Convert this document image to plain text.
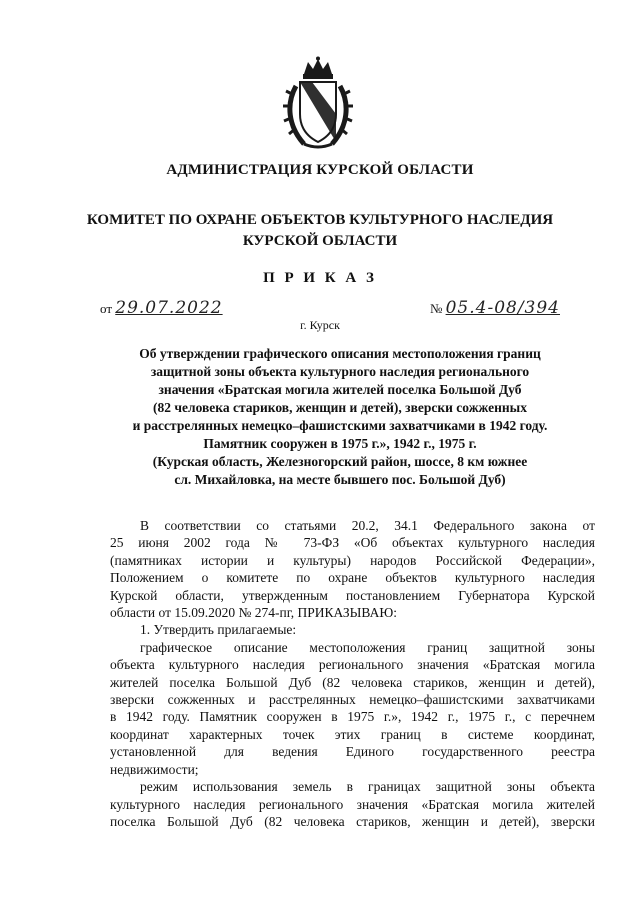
АДМИНИСТРАЦИЯ КУРСКОЙ ОБЛАСТИ
КОМИТЕТ ПО ОХРАНЕ ОБЪЕКТОВ КУЛЬТУРНОГО НАСЛЕДИЯ
КУРСКОЙ ОБЛАСТИ
П Р И К А З
от 29.07.2022	№ 05.4-08/394
г. Курск
Об утверждении графического описания местоположения границ
защитной зоны объекта культурного наследия регионального
значения «Братская могила жителей поселка Большой Дуб
(82 человека стариков, женщин и детей), зверски сожженных
и расстрелянных немецко–фашистскими захватчиками в 1942 году.
Памятник сооружен в 1975 г.», 1942 г., 1975 г.
(Курская область, Железногорский район, шоссе, 8 км южнее
сл. Михайловка, на месте бывшего пос. Большой Дуб)

В соответствии со статьями 20.2, 34.1 Федерального закона от
25 июня 2002 года № 73-ФЗ «Об объектах культурного наследия
(памятниках истории и культуры) народов Российской Федерации»,
Положением о комитете по охране объектов культурного наследия
Курской области, утвержденным постановлением Губернатора Курской
области от 15.09.2020 № 274-пг, ПРИКАЗЫВАЮ:

1. Утвердить прилагаемые:

графическое описание местоположения границ защитной зоны
объекта культурного наследия регионального значения «Братская могила
жителей поселка Большой Дуб (82 человека стариков, женщин и детей),
зверски сожженных и расстрелянных немецко–фашистскими захватчиками
в 1942 году. Памятник сооружен в 1975 г.», 1942 г., 1975 г., с перечнем
координат характерных точек этих границ в системе координат,
установленной для ведения Единого государственного реестра
недвижимости;

режим использования земель в границах защитной зоны объекта
культурного наследия регионального значения «Братская могила жителей
поселка Большой Дуб (82 человека стариков, женщин и детей), зверски
